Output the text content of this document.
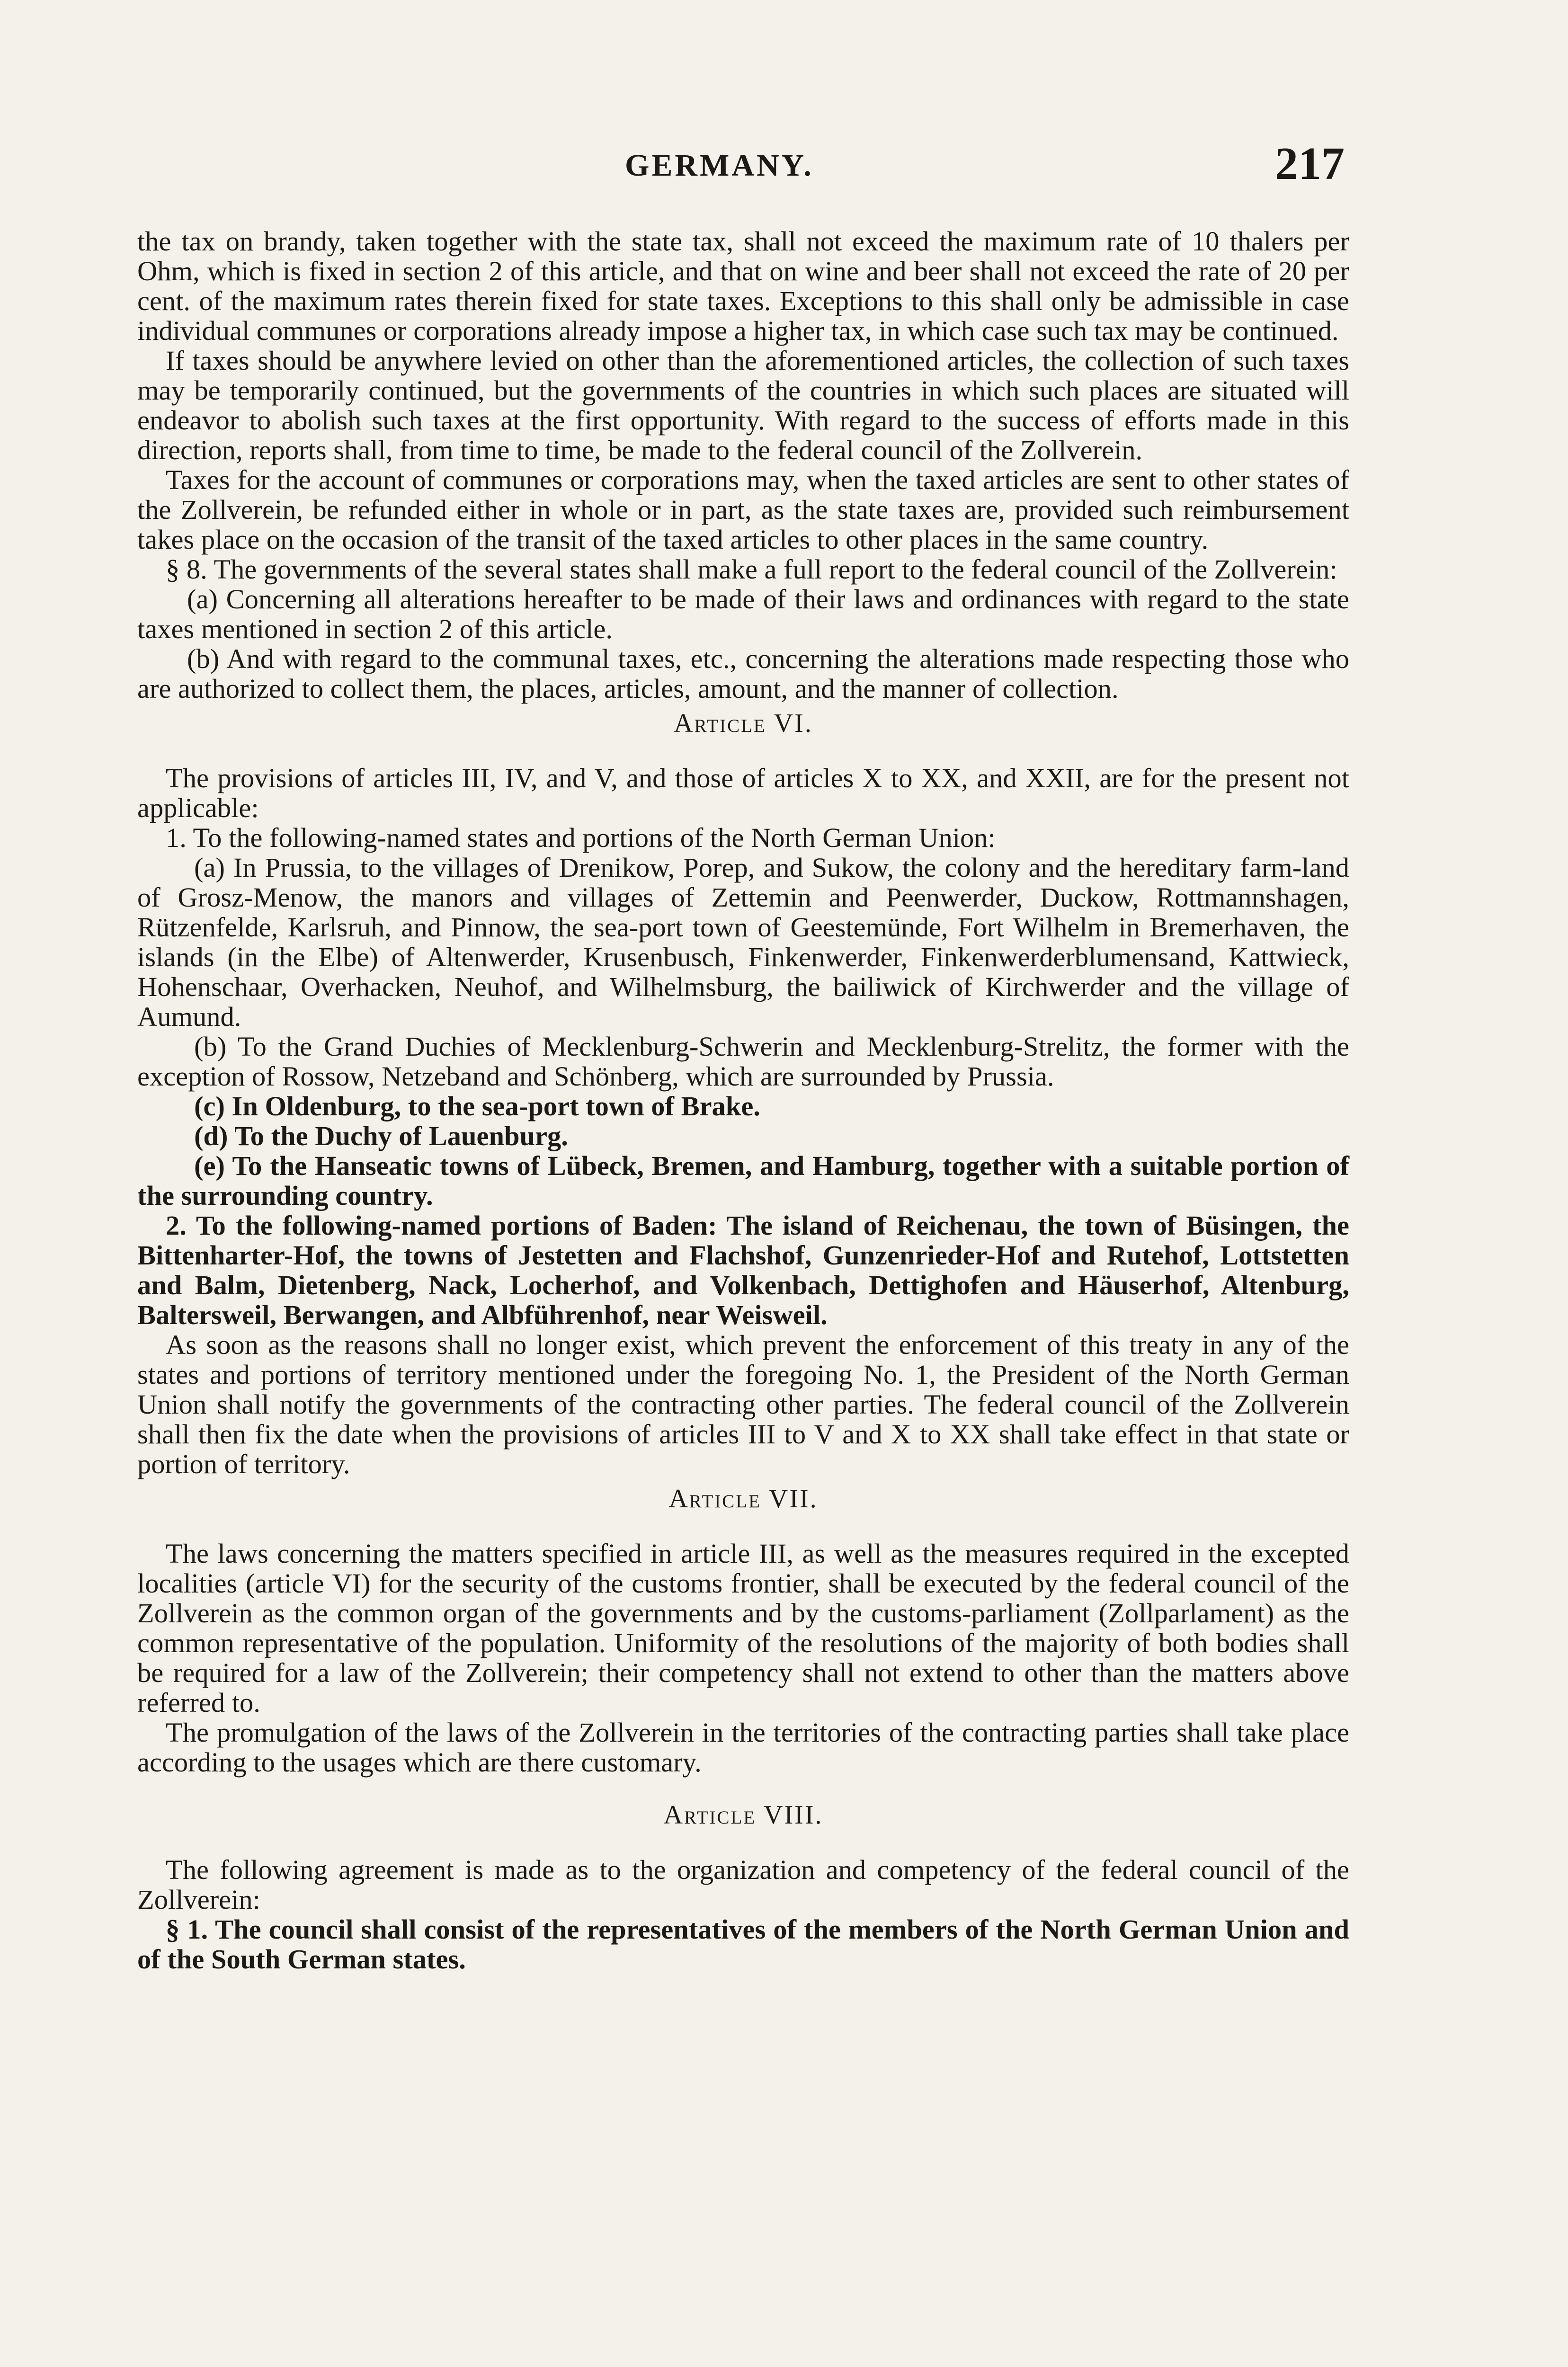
GERMANY.	217

the tax on brandy, taken together with the state tax, shall not exceed the maximum rate of 10 thalers per Ohm, which is fixed in section 2 of this article, and that on wine and beer shall not exceed the rate of 20 per cent. of the maximum rates therein fixed for state taxes. Exceptions to this shall only be admissible in case individual communes or corporations already impose a higher tax, in which case such tax may be continued.

If taxes should be anywhere levied on other than the aforementioned articles, the collection of such taxes may be temporarily continued, but the governments of the countries in which such places are situated will endeavor to abolish such taxes at the first opportunity. With regard to the success of efforts made in this direction, reports shall, from time to time, be made to the federal council of the Zollverein.

Taxes for the account of communes or corporations may, when the taxed articles are sent to other states of the Zollverein, be refunded either in whole or in part, as the state taxes are, provided such reimbursement takes place on the occasion of the transit of the taxed articles to other places in the same country.

§ 8. The governments of the several states shall make a full report to the federal council of the Zollverein:

(a) Concerning all alterations hereafter to be made of their laws and ordinances with regard to the state taxes mentioned in section 2 of this article.

(b) And with regard to the communal taxes, etc., concerning the alterations made respecting those who are authorized to collect them, the places, articles, amount, and the manner of collection.

Article VI.

The provisions of articles III, IV, and V, and those of articles X to XX, and XXII, are for the present not applicable:

1. To the following-named states and portions of the North German Union:

(a) In Prussia, to the villages of Drenikow, Porep, and Sukow, the colony and the hereditary farm-land of Grosz-Menow, the manors and villages of Zettemin and Peenwerder, Duckow, Rottmannshagen, Rützenfelde, Karlsruh, and Pinnow, the sea-port town of Geestemünde, Fort Wilhelm in Bremerhaven, the islands (in the Elbe) of Altenwerder, Krusenbusch, Finkenwerder, Finkenwerderblumensand, Kattwieck, Hohenschaar, Overhacken, Neuhof, and Wilhelmsburg, the bailiwick of Kirchwerder and the village of Aumund.

(b) To the Grand Duchies of Mecklenburg-Schwerin and Mecklenburg-Strelitz, the former with the exception of Rossow, Netzeband and Schönberg, which are surrounded by Prussia.

(c) In Oldenburg, to the sea-port town of Brake.

(d) To the Duchy of Lauenburg.

(e) To the Hanseatic towns of Lübeck, Bremen, and Hamburg, together with a suitable portion of the surrounding country.

2. To the following-named portions of Baden: The island of Reichenau, the town of Büsingen, the Bittenharter-Hof, the towns of Jestetten and Flachshof, Gunzenrieder-Hof and Rutehof, Lottstetten and Balm, Dietenberg, Nack, Locherhof, and Volkenbach, Dettighofen and Häuserhof, Altenburg, Baltersweil, Berwangen, and Albführenhof, near Weisweil.

As soon as the reasons shall no longer exist, which prevent the enforcement of this treaty in any of the states and portions of territory mentioned under the foregoing No. 1, the President of the North German Union shall notify the governments of the contracting other parties. The federal council of the Zollverein shall then fix the date when the provisions of articles III to V and X to XX shall take effect in that state or portion of territory.

Article VII.

The laws concerning the matters specified in article III, as well as the measures required in the excepted localities (article VI) for the security of the customs frontier, shall be executed by the federal council of the Zollverein as the common organ of the governments and by the customs-parliament (Zollparlament) as the common representative of the population. Uniformity of the resolutions of the majority of both bodies shall be required for a law of the Zollverein; their competency shall not extend to other than the matters above referred to.

The promulgation of the laws of the Zollverein in the territories of the contracting parties shall take place according to the usages which are there customary.

Article VIII.

The following agreement is made as to the organization and competency of the federal council of the Zollverein:

§ 1. The council shall consist of the representatives of the members of the North German Union and of the South German states.
